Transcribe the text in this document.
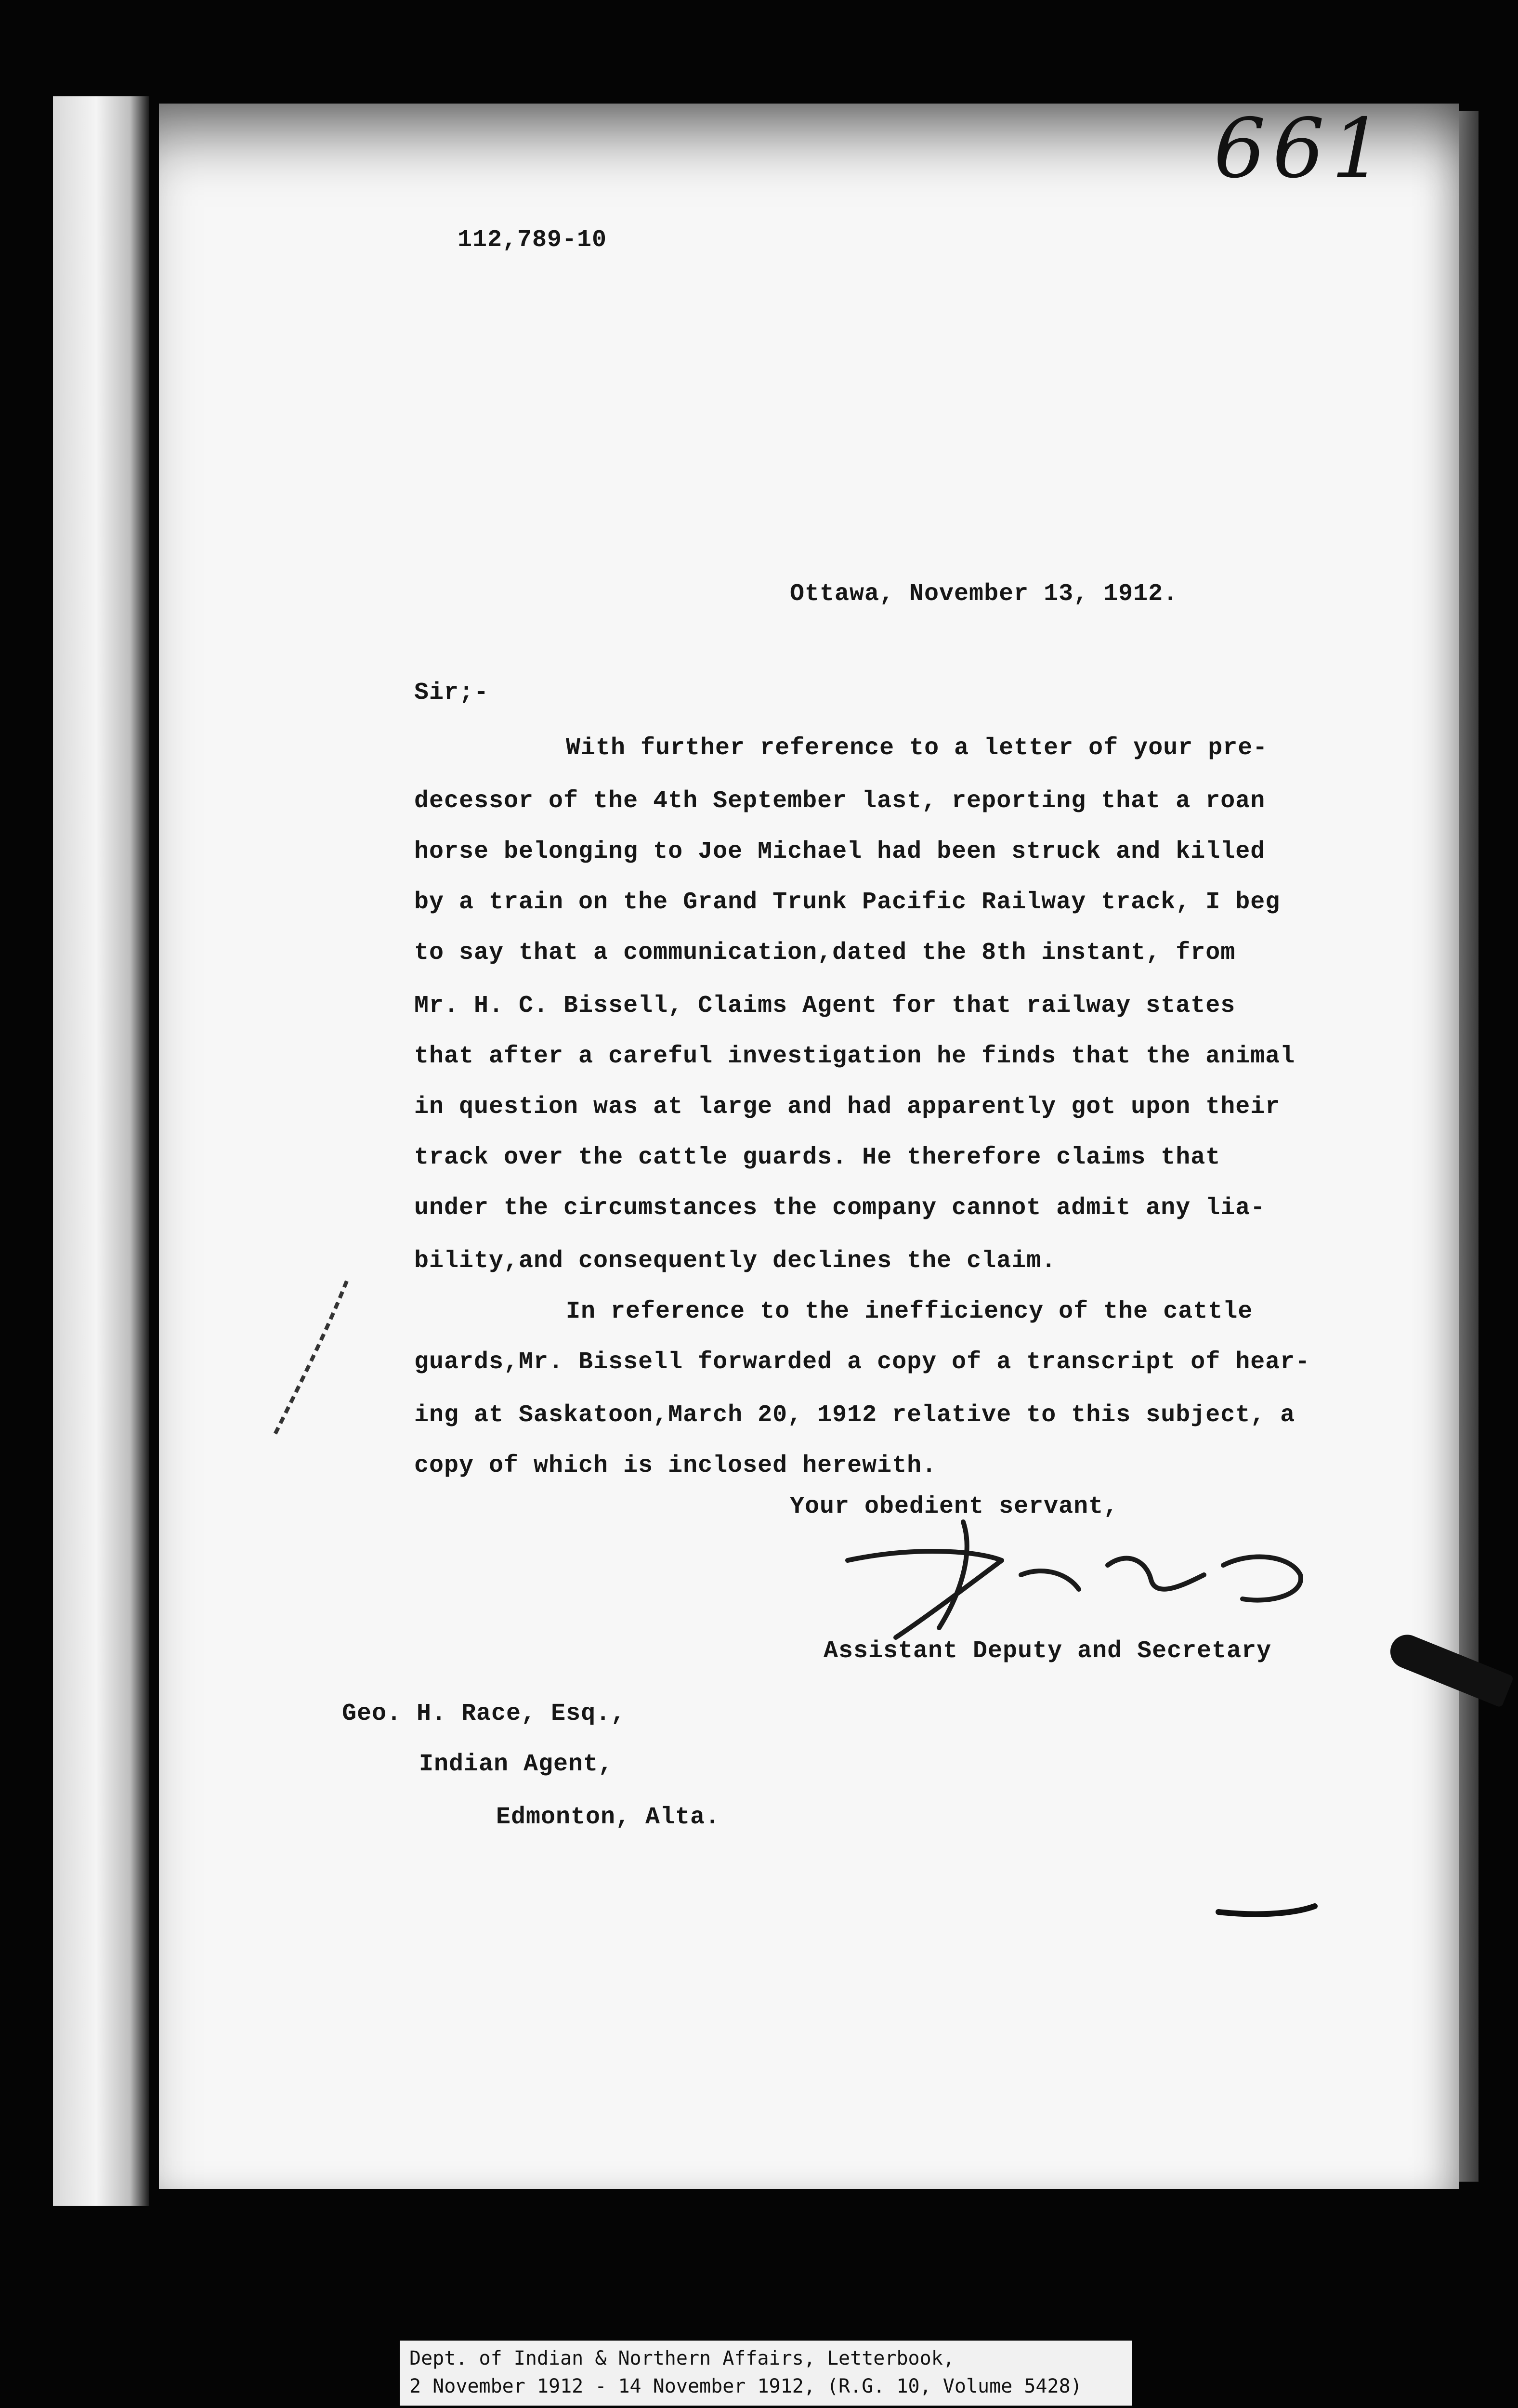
661
112,789-10
Ottawa, November 13, 1912.
Sir;-
With further reference to a letter of your pre-
decessor of the 4th September last, reporting that a roan
horse belonging to Joe Michael had been struck and killed
by a train on the Grand Trunk Pacific Railway track, I beg
to say that a communication,dated the 8th instant, from
Mr. H. C. Bissell, Claims Agent for that railway states
that after a careful investigation he finds that the animal
in question was at large and had apparently got upon their
track over the cattle guards. He therefore claims that
under the circumstances the company cannot admit any lia-
bility,and consequently declines the claim.
In reference to the inefficiency of the cattle
guards,Mr. Bissell forwarded a copy of a transcript of hear-
ing at Saskatoon,March 20, 1912 relative to this subject, a
copy of which is inclosed herewith.
Your obedient servant,
Assistant Deputy and Secretary
Geo. H. Race, Esq.,
Indian Agent,
Edmonton, Alta.
Dept. of Indian & Northern Affairs, Letterbook,
2 November 1912 - 14 November 1912, (R.G. 10, Volume 5428)
